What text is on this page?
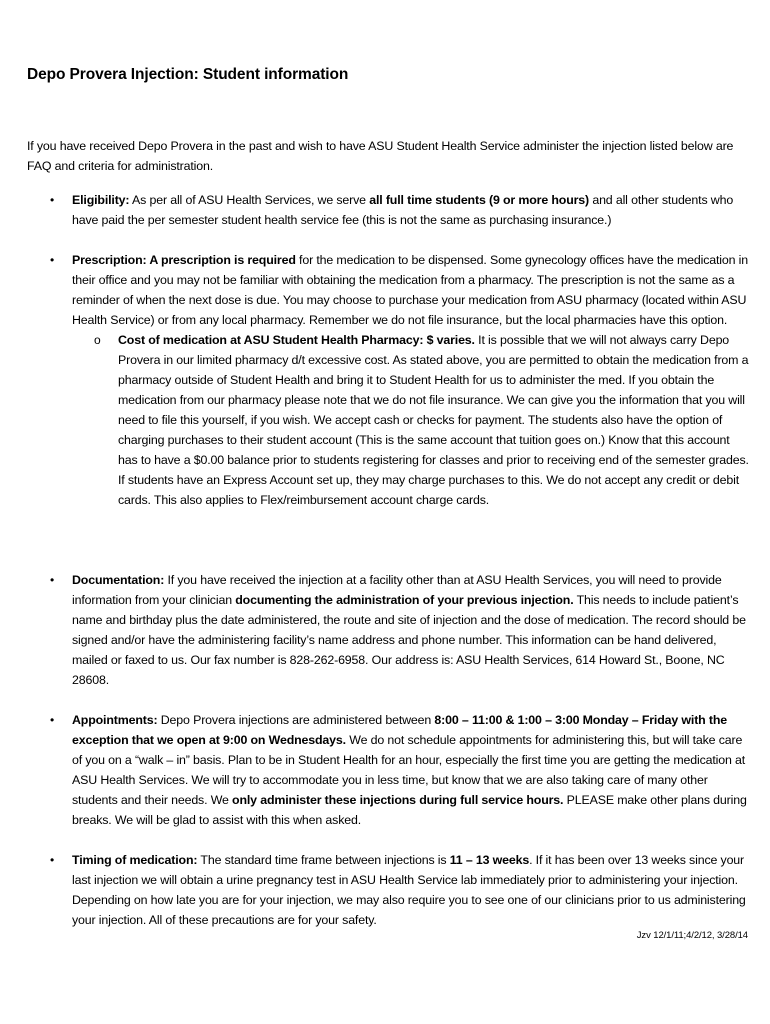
Depo Provera Injection: Student information

If you have received Depo Provera in the past and wish to have ASU Student Health Service administer the injection listed below are FAQ and criteria for administration.

• Eligibility: As per all of ASU Health Services, we serve all full time students (9 or more hours) and all other students who have paid the per semester student health service fee (this is not the same as purchasing insurance.)
• Prescription: A prescription is required for the medication to be dispensed. Some gynecology offices have the medication in their office and you may not be familiar with obtaining the medication from a pharmacy. The prescription is not the same as a reminder of when the next dose is due. You may choose to purchase your medication from ASU pharmacy (located within ASU Health Service) or from any local pharmacy. Remember we do not file insurance, but the local pharmacies have this option.
o Cost of medication at ASU Student Health Pharmacy: $ varies. It is possible that we will not always carry Depo Provera in our limited pharmacy d/t excessive cost. As stated above, you are permitted to obtain the medication from a pharmacy outside of Student Health and bring it to Student Health for us to administer the med. If you obtain the medication from our pharmacy please note that we do not file insurance. We can give you the information that you will need to file this yourself, if you wish. We accept cash or checks for payment. The students also have the option of charging purchases to their student account (This is the same account that tuition goes on.) Know that this account has to have a $0.00 balance prior to students registering for classes and prior to receiving end of the semester grades. If students have an Express Account set up, they may charge purchases to this. We do not accept any credit or debit cards. This also applies to Flex/reimbursement account charge cards.
• Documentation: If you have received the injection at a facility other than at ASU Health Services, you will need to provide information from your clinician documenting the administration of your previous injection. This needs to include patient’s name and birthday plus the date administered, the route and site of injection and the dose of medication. The record should be signed and/or have the administering facility’s name address and phone number. This information can be hand delivered, mailed or faxed to us. Our fax number is 828-262-6958. Our address is: ASU Health Services, 614 Howard St., Boone, NC 28608.
• Appointments: Depo Provera injections are administered between 8:00 – 11:00 & 1:00 – 3:00 Monday – Friday with the exception that we open at 9:00 on Wednesdays. We do not schedule appointments for administering this, but will take care of you on a “walk – in” basis. Plan to be in Student Health for an hour, especially the first time you are getting the medication at ASU Health Services. We will try to accommodate you in less time, but know that we are also taking care of many other students and their needs. We only administer these injections during full service hours. PLEASE make other plans during breaks. We will be glad to assist with this when asked.
• Timing of medication: The standard time frame between injections is 11 – 13 weeks. If it has been over 13 weeks since your last injection we will obtain a urine pregnancy test in ASU Health Service lab immediately prior to administering your injection. Depending on how late you are for your injection, we may also require you to see one of our clinicians prior to us administering your injection. All of these precautions are for your safety.
Jzv 12/1/11;4/2/12, 3/28/14
